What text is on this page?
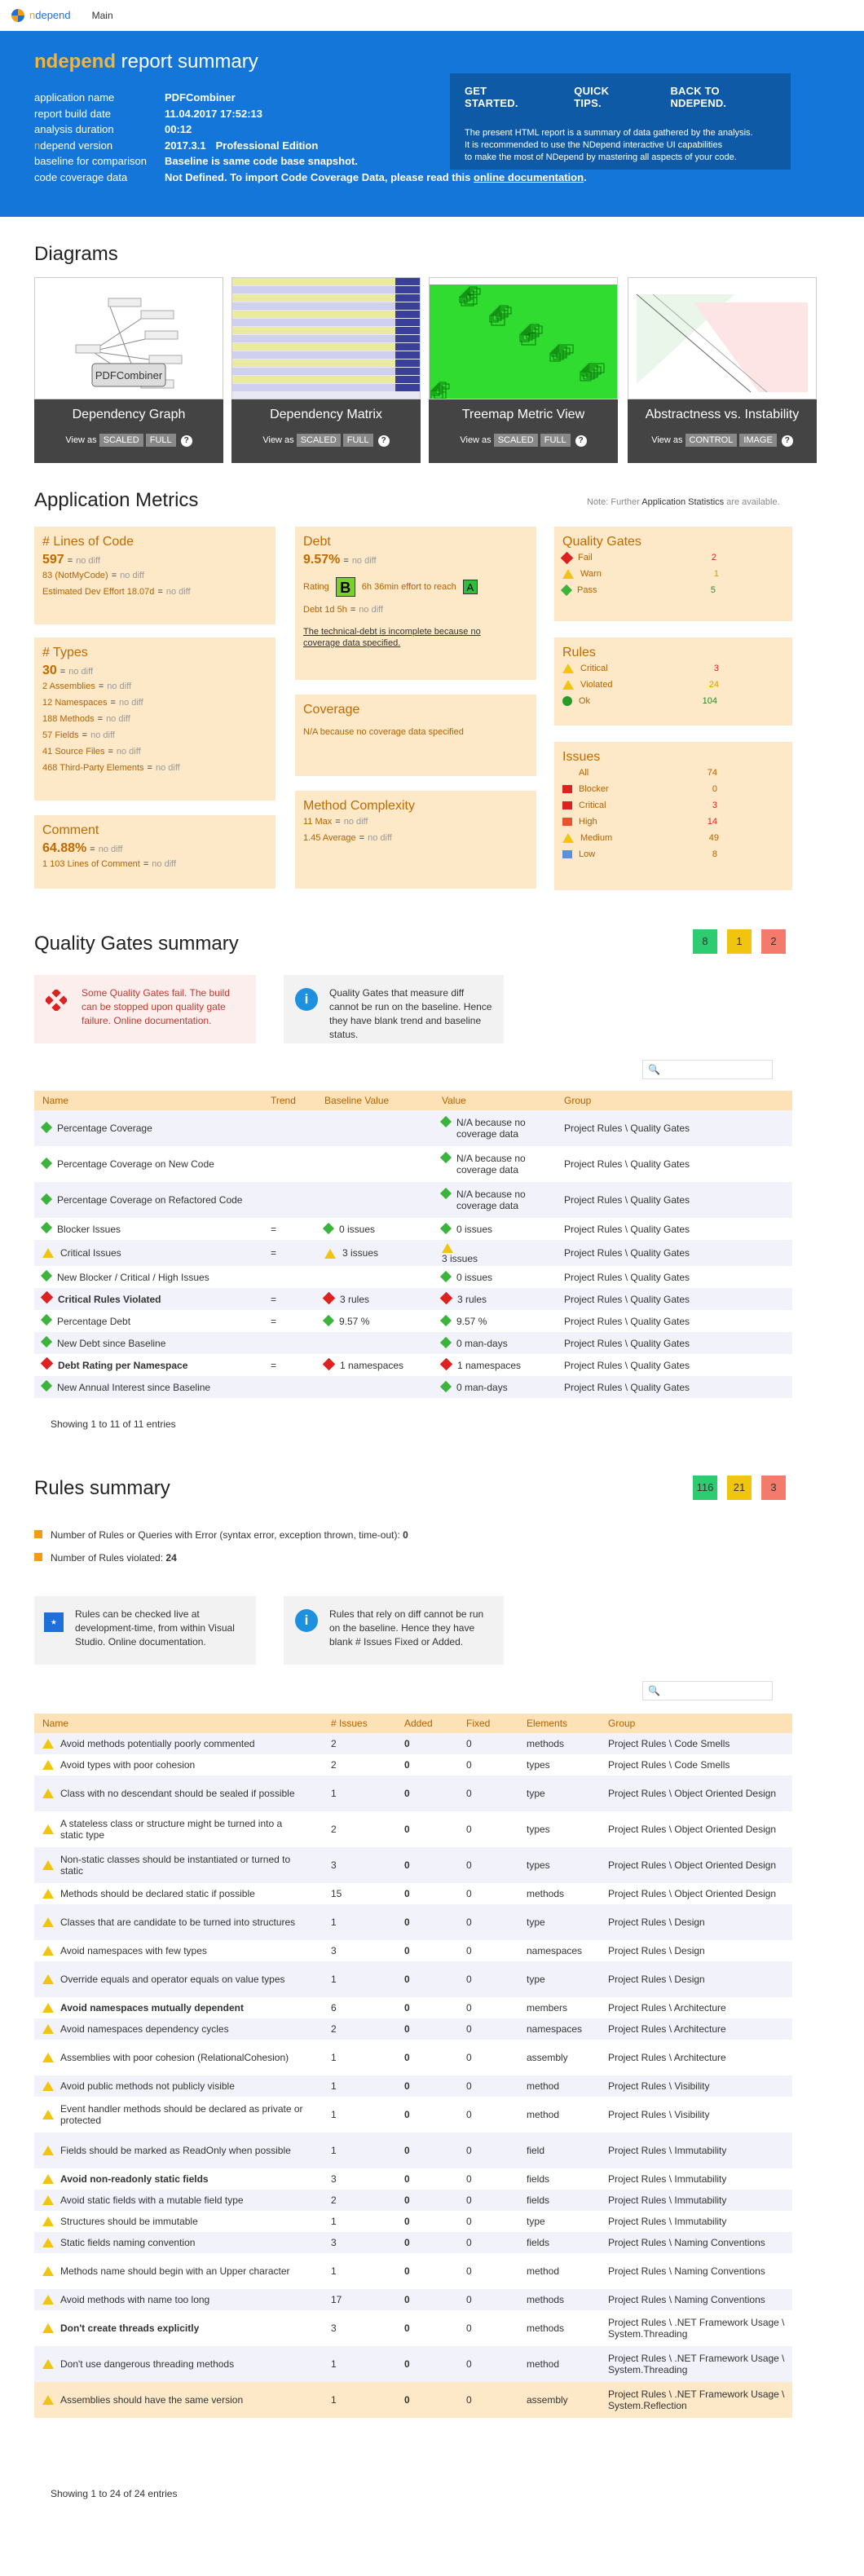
ndepend Main
ndepend report summary
application name	PDFCombiner
report build date	11.04.2017 17:52:13
analysis duration	00:12
ndepend version	2017.3.1 Professional Edition
baseline for comparison	Baseline is same code base snapshot.
code coverage data	Not Defined. To import Code Coverage Data, please read this online documentation.
GET STARTED.
QUICK TIPS.
BACK TO NDEPEND.
The present HTML report is a summary of data gathered by the analysis.
It is recommended to use the NDepend interactive UI capabilities
to make the most of NDepend by mastering all aspects of your code.
Diagrams
PDFCombiner
Dependency Graph
View as SCALED FULL ?
Dependency Matrix
View as SCALED FULL ?
Treemap Metric View
View as SCALED FULL ?
Abstractness vs. Instability
View as CONTROL IMAGE ?
Application Metrics	Note: Further Application Statistics are available.
# Lines of Code
597 = no diff
83 (NotMyCode) = no diff
Estimated Dev Effort 18.07d = no diff
# Types
30 = no diff
2 Assemblies = no diff
12 Namespaces = no diff
188 Methods = no diff
57 Fields = no diff
41 Source Files = no diff
468 Third-Party Elements = no diff
Comment
64.88% = no diff
1 103 Lines of Comment = no diff
Debt
9.57% = no diff
Rating B	6h 36min effort to reach A
Debt 1d 5h = no diff
The technical-debt is incomplete because no coverage data specified.
Coverage
N/A because no coverage data specified
Method Complexity
11 Max = no diff
1.45 Average = no diff
Quality Gates
Fail	2
Warn	1
Pass	5
Rules
Critical	3
Violated	24
Ok	104
Issues
All	74
Blocker	0
Critical	3
High	14
Medium	49
Low	8
Quality Gates summary	8	1	2
Some Quality Gates fail. The build can be stopped upon quality gate failure. Online documentation.
i	Quality Gates that measure diff cannot be run on the baseline. Hence they have blank trend and baseline status.
🔍
Name	Trend	Baseline Value	Value	Group
Percentage Coverage			N/A because no coverage data	Project Rules \ Quality Gates
Percentage Coverage on New Code			N/A because no coverage data	Project Rules \ Quality Gates
Percentage Coverage on Refactored Code			N/A because no coverage data	Project Rules \ Quality Gates
Blocker Issues	=	0 issues	0 issues	Project Rules \ Quality Gates
Critical Issues	=	3 issues	3 issues	Project Rules \ Quality Gates
New Blocker / Critical / High Issues			0 issues	Project Rules \ Quality Gates
Critical Rules Violated	=	3 rules	3 rules	Project Rules \ Quality Gates
Percentage Debt	=	9.57 %	9.57 %	Project Rules \ Quality Gates
New Debt since Baseline			0 man-days	Project Rules \ Quality Gates
Debt Rating per Namespace	=	1 namespaces	1 namespaces	Project Rules \ Quality Gates
New Annual Interest since Baseline			0 man-days	Project Rules \ Quality Gates
Showing 1 to 11 of 11 entries
Rules summary	116	21	3
Number of Rules or Queries with Error (syntax error, exception thrown, time-out): 0
Number of Rules violated: 24
⋆
Rules can be checked live at development-time, from within Visual Studio. Online documentation.
i	Rules that rely on diff cannot be run on the baseline. Hence they have blank # Issues Fixed or Added.
🔍
Name	# Issues	Added	Fixed	Elements	Group
Avoid methods potentially poorly commented	2	0	0	methods	Project Rules \ Code Smells
Avoid types with poor cohesion	2	0	0	types	Project Rules \ Code Smells
Class with no descendant should be sealed if possible	1	0	0	type	Project Rules \ Object Oriented Design
A stateless class or structure might be turned into a static type	2	0	0	types	Project Rules \ Object Oriented Design
Non-static classes should be instantiated or turned to static	3	0	0	types	Project Rules \ Object Oriented Design
Methods should be declared static if possible	15	0	0	methods	Project Rules \ Object Oriented Design
Classes that are candidate to be turned into structures	1	0	0	type	Project Rules \ Design
Avoid namespaces with few types	3	0	0	namespaces	Project Rules \ Design
Override equals and operator equals on value types	1	0	0	type	Project Rules \ Design
Avoid namespaces mutually dependent	6	0	0	members	Project Rules \ Architecture
Avoid namespaces dependency cycles	2	0	0	namespaces	Project Rules \ Architecture
Assemblies with poor cohesion (RelationalCohesion)	1	0	0	assembly	Project Rules \ Architecture
Avoid public methods not publicly visible	1	0	0	method	Project Rules \ Visibility
Event handler methods should be declared as private or protected	1	0	0	method	Project Rules \ Visibility
Fields should be marked as ReadOnly when possible	1	0	0	field	Project Rules \ Immutability
Avoid non-readonly static fields	3	0	0	fields	Project Rules \ Immutability
Avoid static fields with a mutable field type	2	0	0	fields	Project Rules \ Immutability
Structures should be immutable	1	0	0	type	Project Rules \ Immutability
Static fields naming convention	3	0	0	fields	Project Rules \ Naming Conventions
Methods name should begin with an Upper character	1	0	0	method	Project Rules \ Naming Conventions
Avoid methods with name too long	17	0	0	methods	Project Rules \ Naming Conventions
Don't create threads explicitly	3	0	0	methods	Project Rules \ .NET Framework Usage \ System.Threading
Don't use dangerous threading methods	1	0	0	method	Project Rules \ .NET Framework Usage \ System.Threading
Assemblies should have the same version	1	0	0	assembly	Project Rules \ .NET Framework Usage \ System.Reflection
Showing 1 to 24 of 24 entries
